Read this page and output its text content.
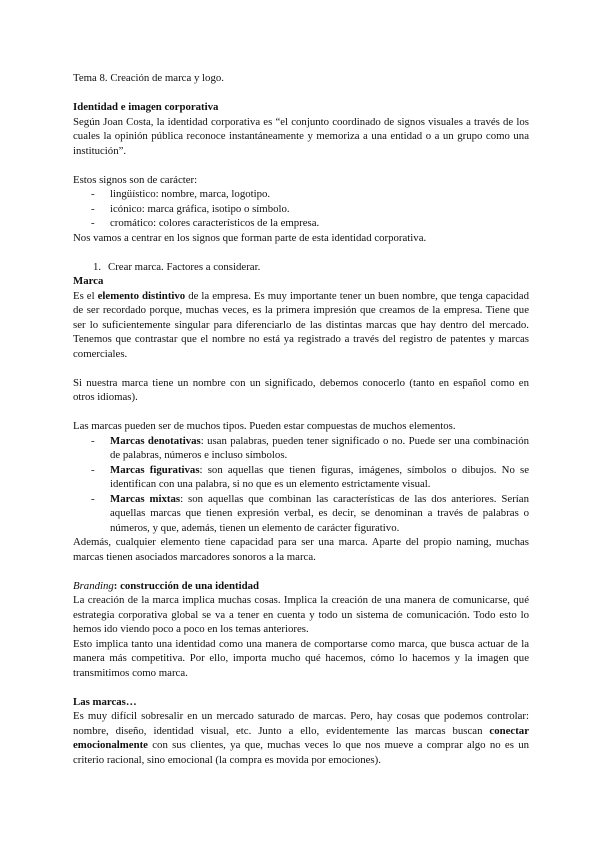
Tema 8. Creación de marca y logo.

Identidad e imagen corporativa

Según Joan Costa, la identidad corporativa es “el conjunto coordinado de signos visuales a través de los cuales la opinión pública reconoce instantáneamente y memoriza a una entidad o a un grupo como una institución”.

Estos signos son de carácter:

- lingüístico: nombre, marca, logotipo.
- icónico: marca gráfica, isotipo o símbolo.
- cromático: colores característicos de la empresa.

Nos vamos a centrar en los signos que forman parte de esta identidad corporativa.

1. Crear marca. Factores a considerar.

Marca

Es el elemento distintivo de la empresa. Es muy importante tener un buen nombre, que tenga capacidad de ser recordado porque, muchas veces, es la primera impresión que creamos de la empresa. Tiene que ser lo suficientemente singular para diferenciarlo de las distintas marcas que hay dentro del mercado. Tenemos que contrastar que el nombre no está ya registrado a través del registro de patentes y marcas comerciales.

Si nuestra marca tiene un nombre con un significado, debemos conocerlo (tanto en español como en otros idiomas).

Las marcas pueden ser de muchos tipos. Pueden estar compuestas de muchos elementos.

- Marcas denotativas: usan palabras, pueden tener significado o no. Puede ser una combinación de palabras, números e incluso símbolos.
- Marcas figurativas: son aquellas que tienen figuras, imágenes, símbolos o dibujos. No se identifican con una palabra, si no que es un elemento estrictamente visual.
- Marcas mixtas: son aquellas que combinan las características de las dos anteriores. Serían aquellas marcas que tienen expresión verbal, es decir, se denominan a través de palabras o números, y que, además, tienen un elemento de carácter figurativo.

Además, cualquier elemento tiene capacidad para ser una marca. Aparte del propio naming, muchas marcas tienen asociados marcadores sonoros a la marca.

Branding: construcción de una identidad

La creación de la marca implica muchas cosas. Implica la creación de una manera de comunicarse, qué estrategia corporativa global se va a tener en cuenta y todo un sistema de comunicación. Todo esto lo hemos ido viendo poco a poco en los temas anteriores.

Esto implica tanto una identidad como una manera de comportarse como marca, que busca actuar de la manera más competitiva. Por ello, importa mucho qué hacemos, cómo lo hacemos y la imagen que transmitimos como marca.

Las marcas…

Es muy difícil sobresalir en un mercado saturado de marcas. Pero, hay cosas que podemos controlar: nombre, diseño, identidad visual, etc. Junto a ello, evidentemente las marcas buscan conectar emocionalmente con sus clientes, ya que, muchas veces lo que nos mueve a comprar algo no es un criterio racional, sino emocional (la compra es movida por emociones).
